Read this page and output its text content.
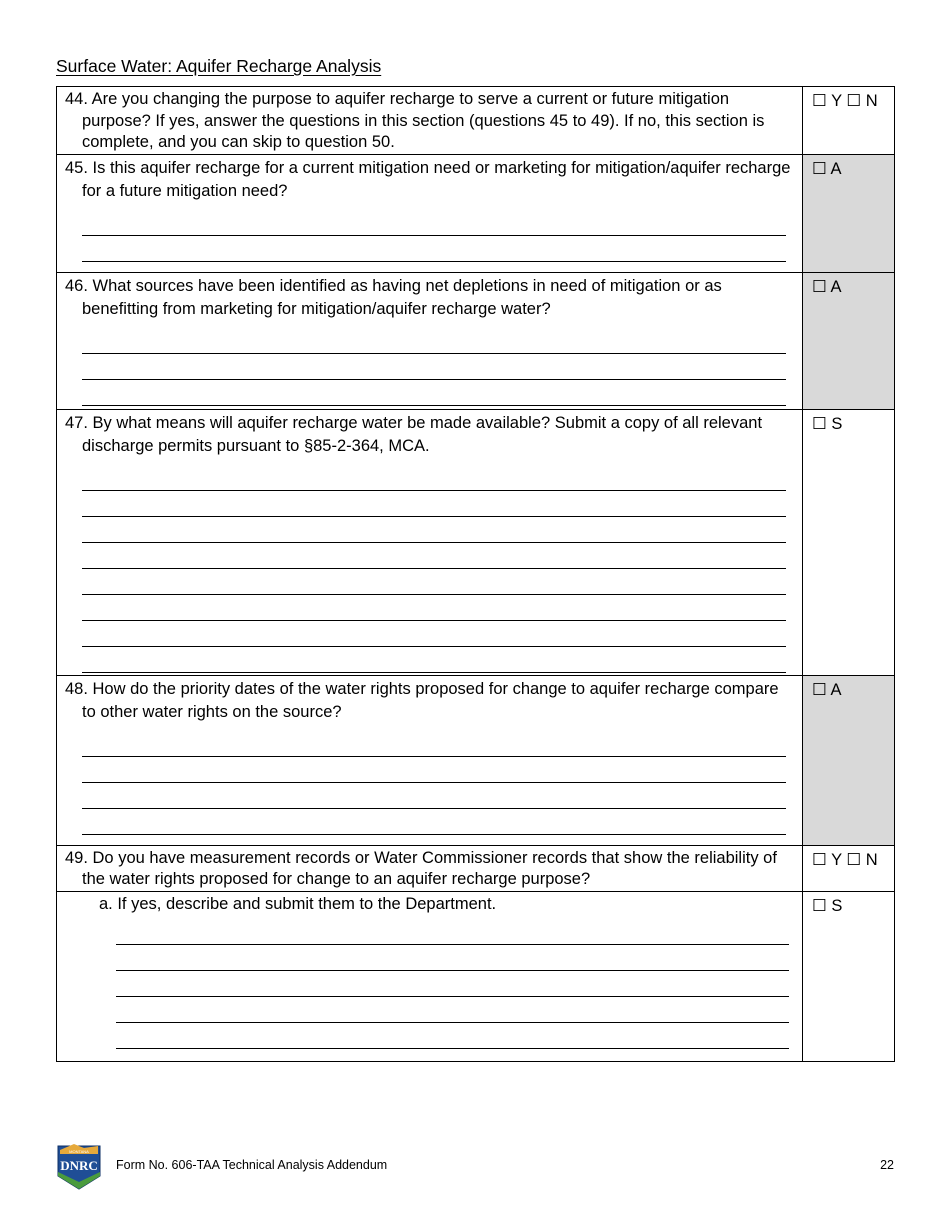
Surface Water: Aquifer Recharge Analysis
44. Are you changing the purpose to aquifer recharge to serve a current or future mitigation purpose? If yes, answer the questions in this section (questions 45 to 49). If no, this section is complete, and you can skip to question 50.	☐ Y ☐ N

45. Is this aquifer recharge for a current mitigation need or marketing for mitigation/aquifer recharge for a future mitigation need?	☐ A

46. What sources have been identified as having net depletions in need of mitigation or as benefitting from marketing for mitigation/aquifer recharge water?	☐ A

47. By what means will aquifer recharge water be made available? Submit a copy of all relevant discharge permits pursuant to §85-2-364, MCA.	☐ S

48. How do the priority dates of the water rights proposed for change to aquifer recharge compare to other water rights on the source?	☐ A

49. Do you have measurement records or Water Commissioner records that show the reliability of the water rights proposed for change to an aquifer recharge purpose?	☐ Y ☐ N

a. If yes, describe and submit them to the Department.	☐ S
MONTANA
DNRC Form No. 606-TAA Technical Analysis Addendum	22
